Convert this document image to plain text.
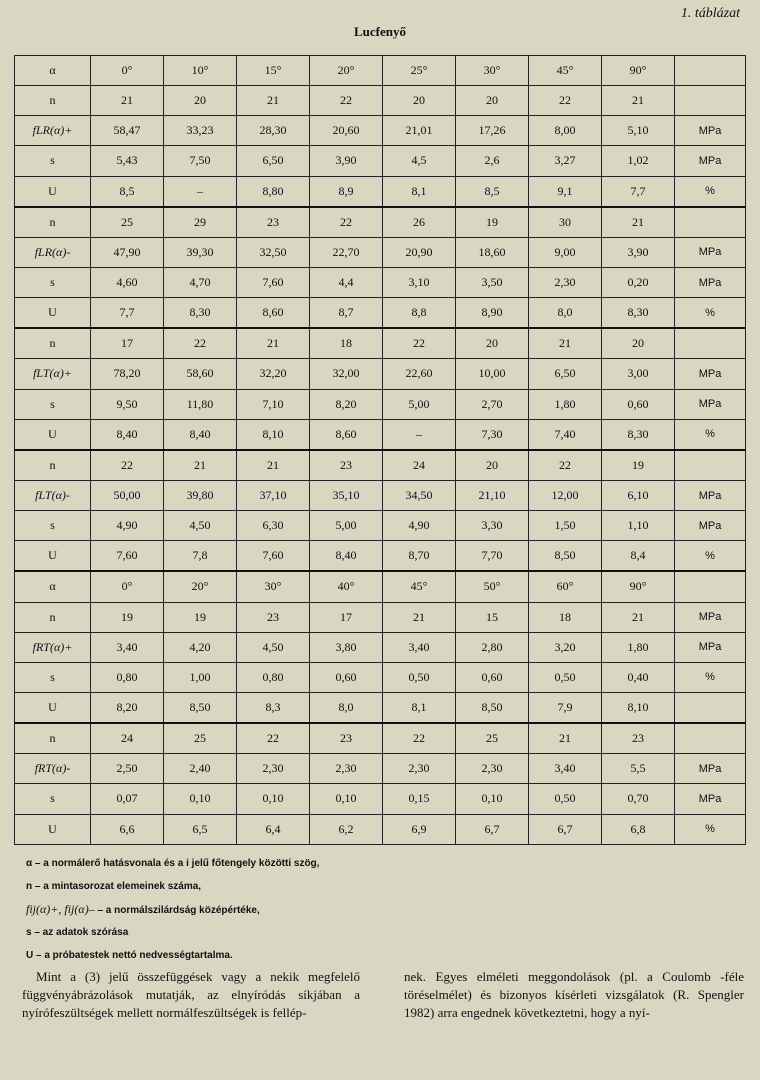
1. táblázat
Lucfenyő
α	0°	10°	15°	20°	25°	30°	45°	90°	
n	21	20	21	22	20	20	22	21	
fLR(α)+	58,47	33,23	28,30	20,60	21,01	17,26	8,00	5,10	MPa
s	5,43	7,50	6,50	3,90	4,5	2,6	3,27	1,02	MPa
U	8,5	–	8,80	8,9	8,1	8,5	9,1	7,7	%
n	25	29	23	22	26	19	30	21	
fLR(α)-	47,90	39,30	32,50	22,70	20,90	18,60	9,00	3,90	MPa
s	4,60	4,70	7,60	4,4	3,10	3,50	2,30	0,20	MPa
U	7,7	8,30	8,60	8,7	8,8	8,90	8,0	8,30	%
n	17	22	21	18	22	20	21	20	
fLT(α)+	78,20	58,60	32,20	32,00	22,60	10,00	6,50	3,00	MPa
s	9,50	11,80	7,10	8,20	5,00	2,70	1,80	0,60	MPa
U	8,40	8,40	8,10	8,60	–	7,30	7,40	8,30	%
n	22	21	21	23	24	20	22	19	
fLT(α)-	50,00	39,80	37,10	35,10	34,50	21,10	12,00	6,10	MPa
s	4,90	4,50	6,30	5,00	4,90	3,30	1,50	1,10	MPa
U	7,60	7,8	7,60	8,40	8,70	7,70	8,50	8,4	%
α	0°	20°	30°	40°	45°	50°	60°	90°	
n	19	19	23	17	21	15	18	21	MPa
fRT(α)+	3,40	4,20	4,50	3,80	3,40	2,80	3,20	1,80	MPa
s	0,80	1,00	0,80	0,60	0,50	0,60	0,50	0,40	%
U	8,20	8,50	8,3	8,0	8,1	8,50	7,9	8,10	
n	24	25	22	23	22	25	21	23	
fRT(α)-	2,50	2,40	2,30	2,30	2,30	2,30	3,40	5,5	MPa
s	0,07	0,10	0,10	0,10	0,15	0,10	0,50	0,70	MPa
U	6,6	6,5	6,4	6,2	6,9	6,7	6,7	6,8	%
α – a normálerő hatásvonala és a i jelű főtengely közötti szög,
n – a mintasorozat elemeinek száma,
fij(α)+, fij(α)– – a normálszilárdság középértéke,
s – az adatok szórása
U – a próbatestek nettó nedvességtartalma.
Mint a (3) jelű összefüggések vagy a nekik megfelelő függvényábrázolások mutatják, az elnyíródás síkjában a nyírófeszültségek mellett normálfeszültségek is fellép-
nek. Egyes elméleti meggondolások (pl. a Coulomb -féle töréselmélet) és bizonyos kísérleti vizsgálatok (R. Spengler 1982) arra engednek következtetni, hogy a nyí-
